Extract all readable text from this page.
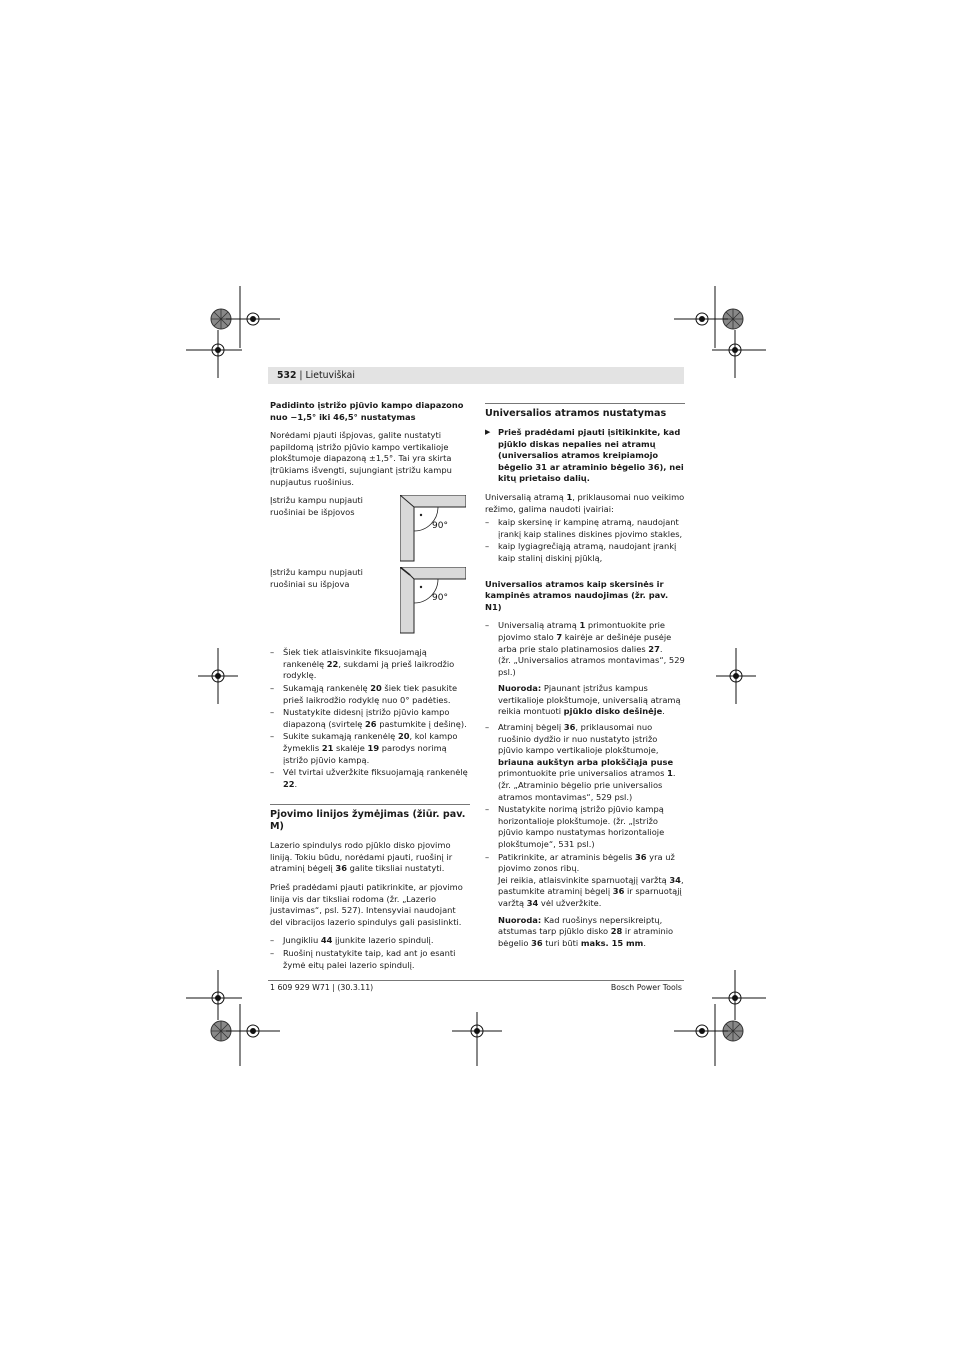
532 | Lietuviškai

Padidinto įstrižo pjūvio kampo diapazono nuo −1,5° iki 46,5° nustatymas

Norėdami pjauti išpjovas, galite nustatyti papildomą įstrižo pjūvio kampo vertikalioje plokštumoje diapazoną ±1,5°. Tai yra skirta įtrūkiams išvengti, sujungiant įstrižu kampu nupjautus ruošinius.

Įstrižu kampu nupjauti ruošiniai be išpjovos
90°
Įstrižu kampu nupjauti ruošiniai su išpjova
90°
– Šiek tiek atlaisvinkite fiksuojamąją rankenėlę 22, sukdami ją prieš laikrodžio rodyklę.
– Sukamąją rankenėlę 20 šiek tiek pasukite prieš laikrodžio rodyklę nuo 0° padėties.
– Nustatykite didesnį įstrižo pjūvio kampo diapazoną (svirtelę 26 pastumkite į dešinę).
– Sukite sukamąją rankenėlę 20, kol kampo žymeklis 21 skalėje 19 parodys norimą įstrižo pjūvio kampą.
– Vėl tvirtai užveržkite fiksuojamąją rankenėlę 22.

Pjovimo linijos žymėjimas (žiūr. pav. M)

Lazerio spindulys rodo pjūklo disko pjovimo liniją. Tokiu būdu, norėdami pjauti, ruošinį ir atraminį bėgelį 36 galite tiksliai nustatyti.

Prieš pradėdami pjauti patikrinkite, ar pjovimo linija vis dar tiksliai rodoma (žr. „Lazerio justavimas“, psl. 527). Intensyviai naudojant del vibracijos lazerio spindulys gali pasislinkti.

– Jungikliu 44 įjunkite lazerio spindulį.
– Ruošinį nustatykite taip, kad ant jo esanti žymė eitų palei lazerio spindulį.

Universalios atramos nustatymas

▶ Prieš pradėdami pjauti įsitikinkite, kad pjūklo diskas nepalies nei atramų (universalios atramos kreipiamojo bėgelio 31 ar atraminio bėgelio 36), nei kitų prietaiso dalių.

Universalią atramą 1, priklausomai nuo veikimo režimo, galima naudoti įvairiai:

– kaip skersinę ir kampinę atramą, naudojant įrankį kaip stalines diskines pjovimo stakles,
– kaip lygiagrečiąją atramą, naudojant įrankį kaip stalinį diskinį pjūklą,

Universalios atramos kaip skersinės ir kampinės atramos naudojimas (žr. pav. N1)

– Universalią atramą 1 primontuokite prie pjovimo stalo 7 kairėje ar dešinėje pusėje arba prie stalo platinamosios dalies 27.
(žr. „Universalios atramos montavimas“, 529 psl.)
Nuoroda: Pjaunant įstrižus kampus vertikalioje plokštumoje, universalią atramą reikia montuoti pjūklo disko dešinėje.
– Atraminį bėgelį 36, priklausomai nuo ruošinio dydžio ir nuo nustatyto įstrižo pjūvio kampo vertikalioje plokštumoje, briauna aukštyn arba plokščiąja puse primontuokite prie universalios atramos 1. (žr. „Atraminio bėgelio prie universalios atramos montavimas“, 529 psl.)
– Nustatykite norimą įstrižo pjūvio kampą horizontalioje plokštumoje. (žr. „Įstrižo pjūvio kampo nustatymas horizontalioje plokštumoje“, 531 psl.)
– Patikrinkite, ar atraminis bėgelis 36 yra už pjovimo zonos ribų.
Jei reikia, atlaisvinkite sparnuotąjį varžtą 34, pastumkite atraminį bėgelį 36 ir sparnuotąjį varžtą 34 vėl užveržkite.
Nuoroda: Kad ruošinys nepersikreiptų, atstumas tarp pjūklo disko 28 ir atraminio bėgelio 36 turi būti maks. 15 mm.
1 609 929 W71 | (30.3.11)	Bosch Power Tools
